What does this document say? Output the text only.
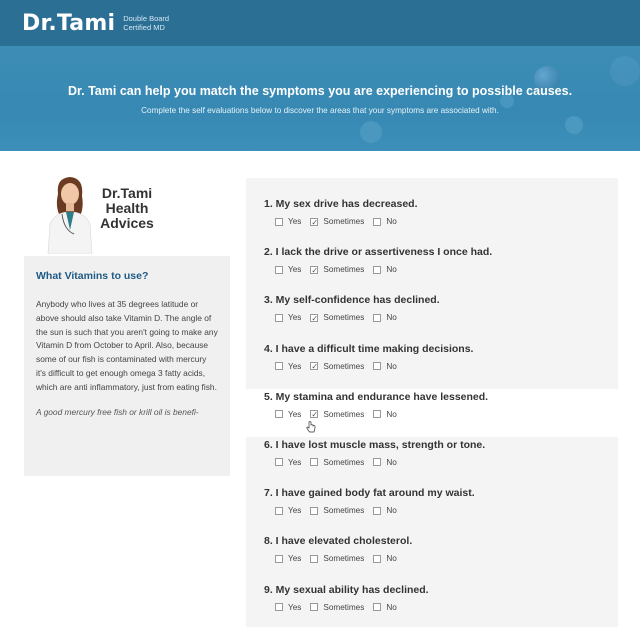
Dr.Tami Double Board Certified MD
Dr. Tami can help you match the symptoms you are experiencing to possible causes.
Complete the self evaluations below to discover the areas that your symptoms are associated with.
Dr.Tami Health Advices
What Vitamins to use?
Anybody who lives at 35 degrees latitude or above should also take Vitamin D. The angle of the sun is such that you aren't going to make any Vitamin D from October to April. Also, because some of our fish is contaminated with mercury it's difficult to get enough omega 3 fatty acids, which are anti inflammatory, just from eating fish.
A good mercury free fish or krill oil is benefi-
1. My sex drive has decreased.
Yes ✓	Sometimes	No
2. I lack the drive or assertiveness I once had.
Yes ✓	Sometimes	No
3. My self-confidence has declined.
Yes ✓	Sometimes	No
4. I have a difficult time making decisions.
Yes ✓	Sometimes	No
5. My stamina and endurance have lessened.
Yes ✓	Sometimes	No
6. I have lost muscle mass, strength or tone.
Yes	Sometimes	No
7. I have gained body fat around my waist.
Yes	Sometimes	No
8. I have elevated cholesterol.
Yes	Sometimes	No
9. My sexual ability has declined.
Yes	Sometimes	No
